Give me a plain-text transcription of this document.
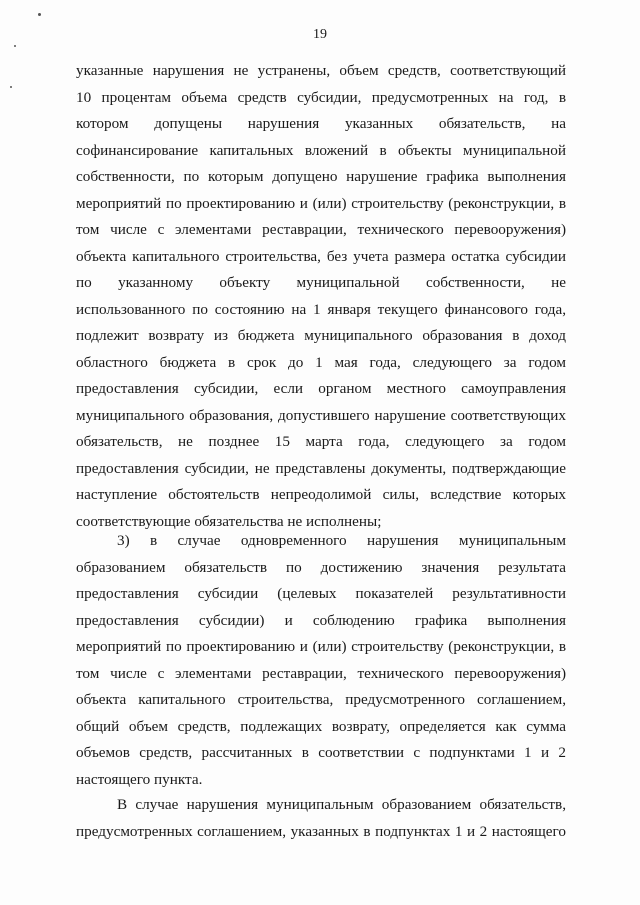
19
указанные нарушения не устранены, объем средств, соответствующий
10 процентам объема средств субсидии, предусмотренных на год, в
котором допущены нарушения указанных обязательств, на
софинансирование капитальных вложений в объекты муниципальной
собственности, по которым допущено нарушение графика выполнения
мероприятий по проектированию и (или) строительству (реконструкции, в
том числе с элементами реставрации, технического перевооружения)
объекта капитального строительства, без учета размера остатка субсидии
по указанному объекту муниципальной собственности, не
использованного по состоянию на 1 января текущего финансового года,
подлежит возврату из бюджета муниципального образования в доход
областного бюджета в срок до 1 мая года, следующего за годом
предоставления субсидии, если органом местного самоуправления
муниципального образования, допустившего нарушение соответствующих
обязательств, не позднее 15 марта года, следующего за годом
предоставления субсидии, не представлены документы, подтверждающие
наступление обстоятельств непреодолимой силы, вследствие которых
соответствующие обязательства не исполнены;
3) в случае одновременного нарушения муниципальным
образованием обязательств по достижению значения результата
предоставления субсидии (целевых показателей результативности
предоставления субсидии) и соблюдению графика выполнения
мероприятий по проектированию и (или) строительству (реконструкции, в
том числе с элементами реставрации, технического перевооружения)
объекта капитального строительства, предусмотренного соглашением,
общий объем средств, подлежащих возврату, определяется как сумма
объемов средств, рассчитанных в соответствии с подпунктами 1 и 2
настоящего пункта.
В случае нарушения муниципальным образованием обязательств,
предусмотренных соглашением, указанных в подпунктах 1 и 2 настоящего
